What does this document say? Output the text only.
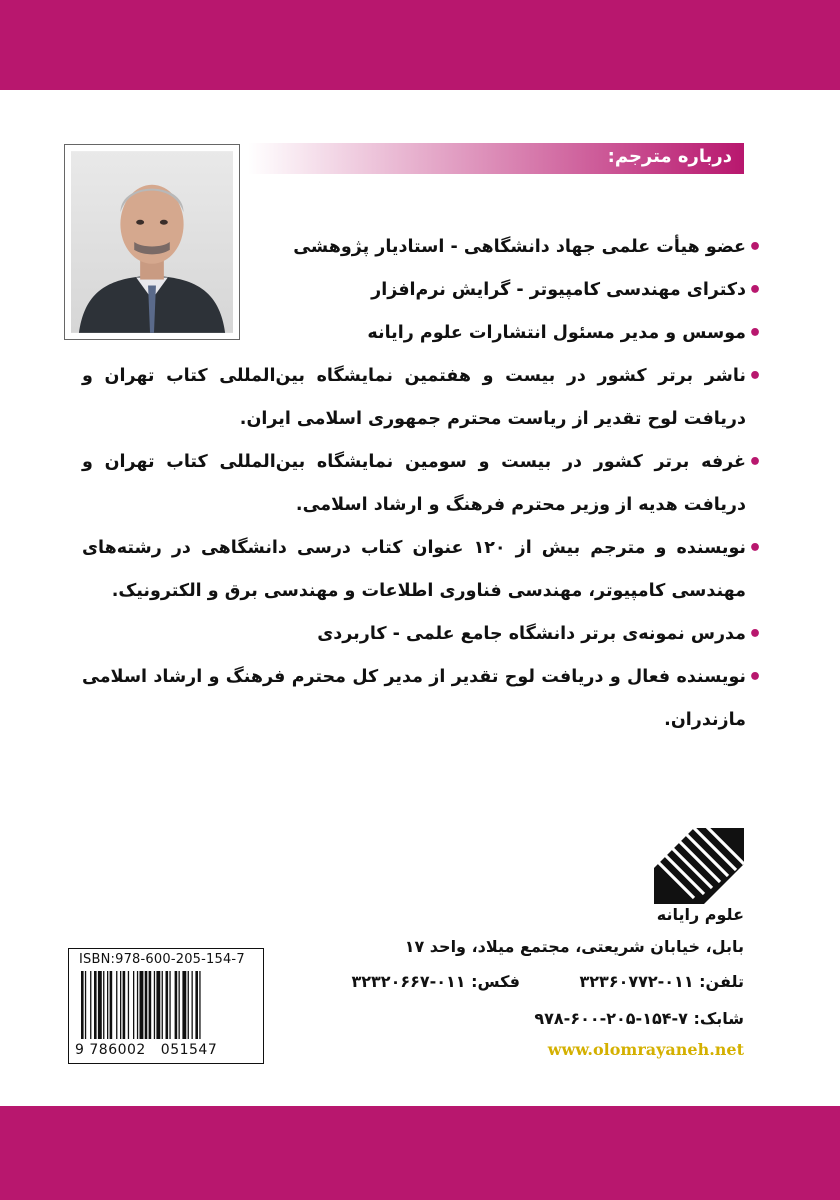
درباره مترجم:
• عضو هیأت علمی جهاد دانشگاهی - استادیار پژوهشی
• دکترای مهندسی کامپیوتر - گرایش نرم‌افزار
• موسس و مدیر مسئول انتشارات علوم رایانه
• ناشر برتر کشور در بیست و هفتمین نمایشگاه بین‌المللی کتاب تهران و دریافت لوح تقدیر از ریاست محترم جمهوری اسلامی ایران.
• غرفه برتر کشور در بیست و سومین نمایشگاه بین‌المللی کتاب تهران و دریافت هدیه از وزیر محترم فرهنگ و ارشاد اسلامی.
• نویسنده و مترجم بیش از ۱۲۰ عنوان کتاب درسی دانشگاهی در رشته‌های مهندسی کامپیوتر، مهندسی فناوری اطلاعات و مهندسی برق و الکترونیک.
• مدرس نمونه‌ی برتر دانشگاه جامع علمی - کاربردی
• نویسنده فعال و دریافت لوح تقدیر از مدیر کل محترم فرهنگ و ارشاد اسلامی مازندران.
علوم رایانه
بابل، خیابان شریعتی، مجتمع میلاد، واحد ۱۷
تلفن: ۰۱۱-۳۲۳۶۰۷۷۲ فکس: ۰۱۱-۳۲۳۲۰۶۶۷
شابک: ۷-۱۵۴-۲۰۵-۶۰۰-۹۷۸
www.olomrayaneh.net
ISBN:978-600-205-154-7
9 786002 051547
